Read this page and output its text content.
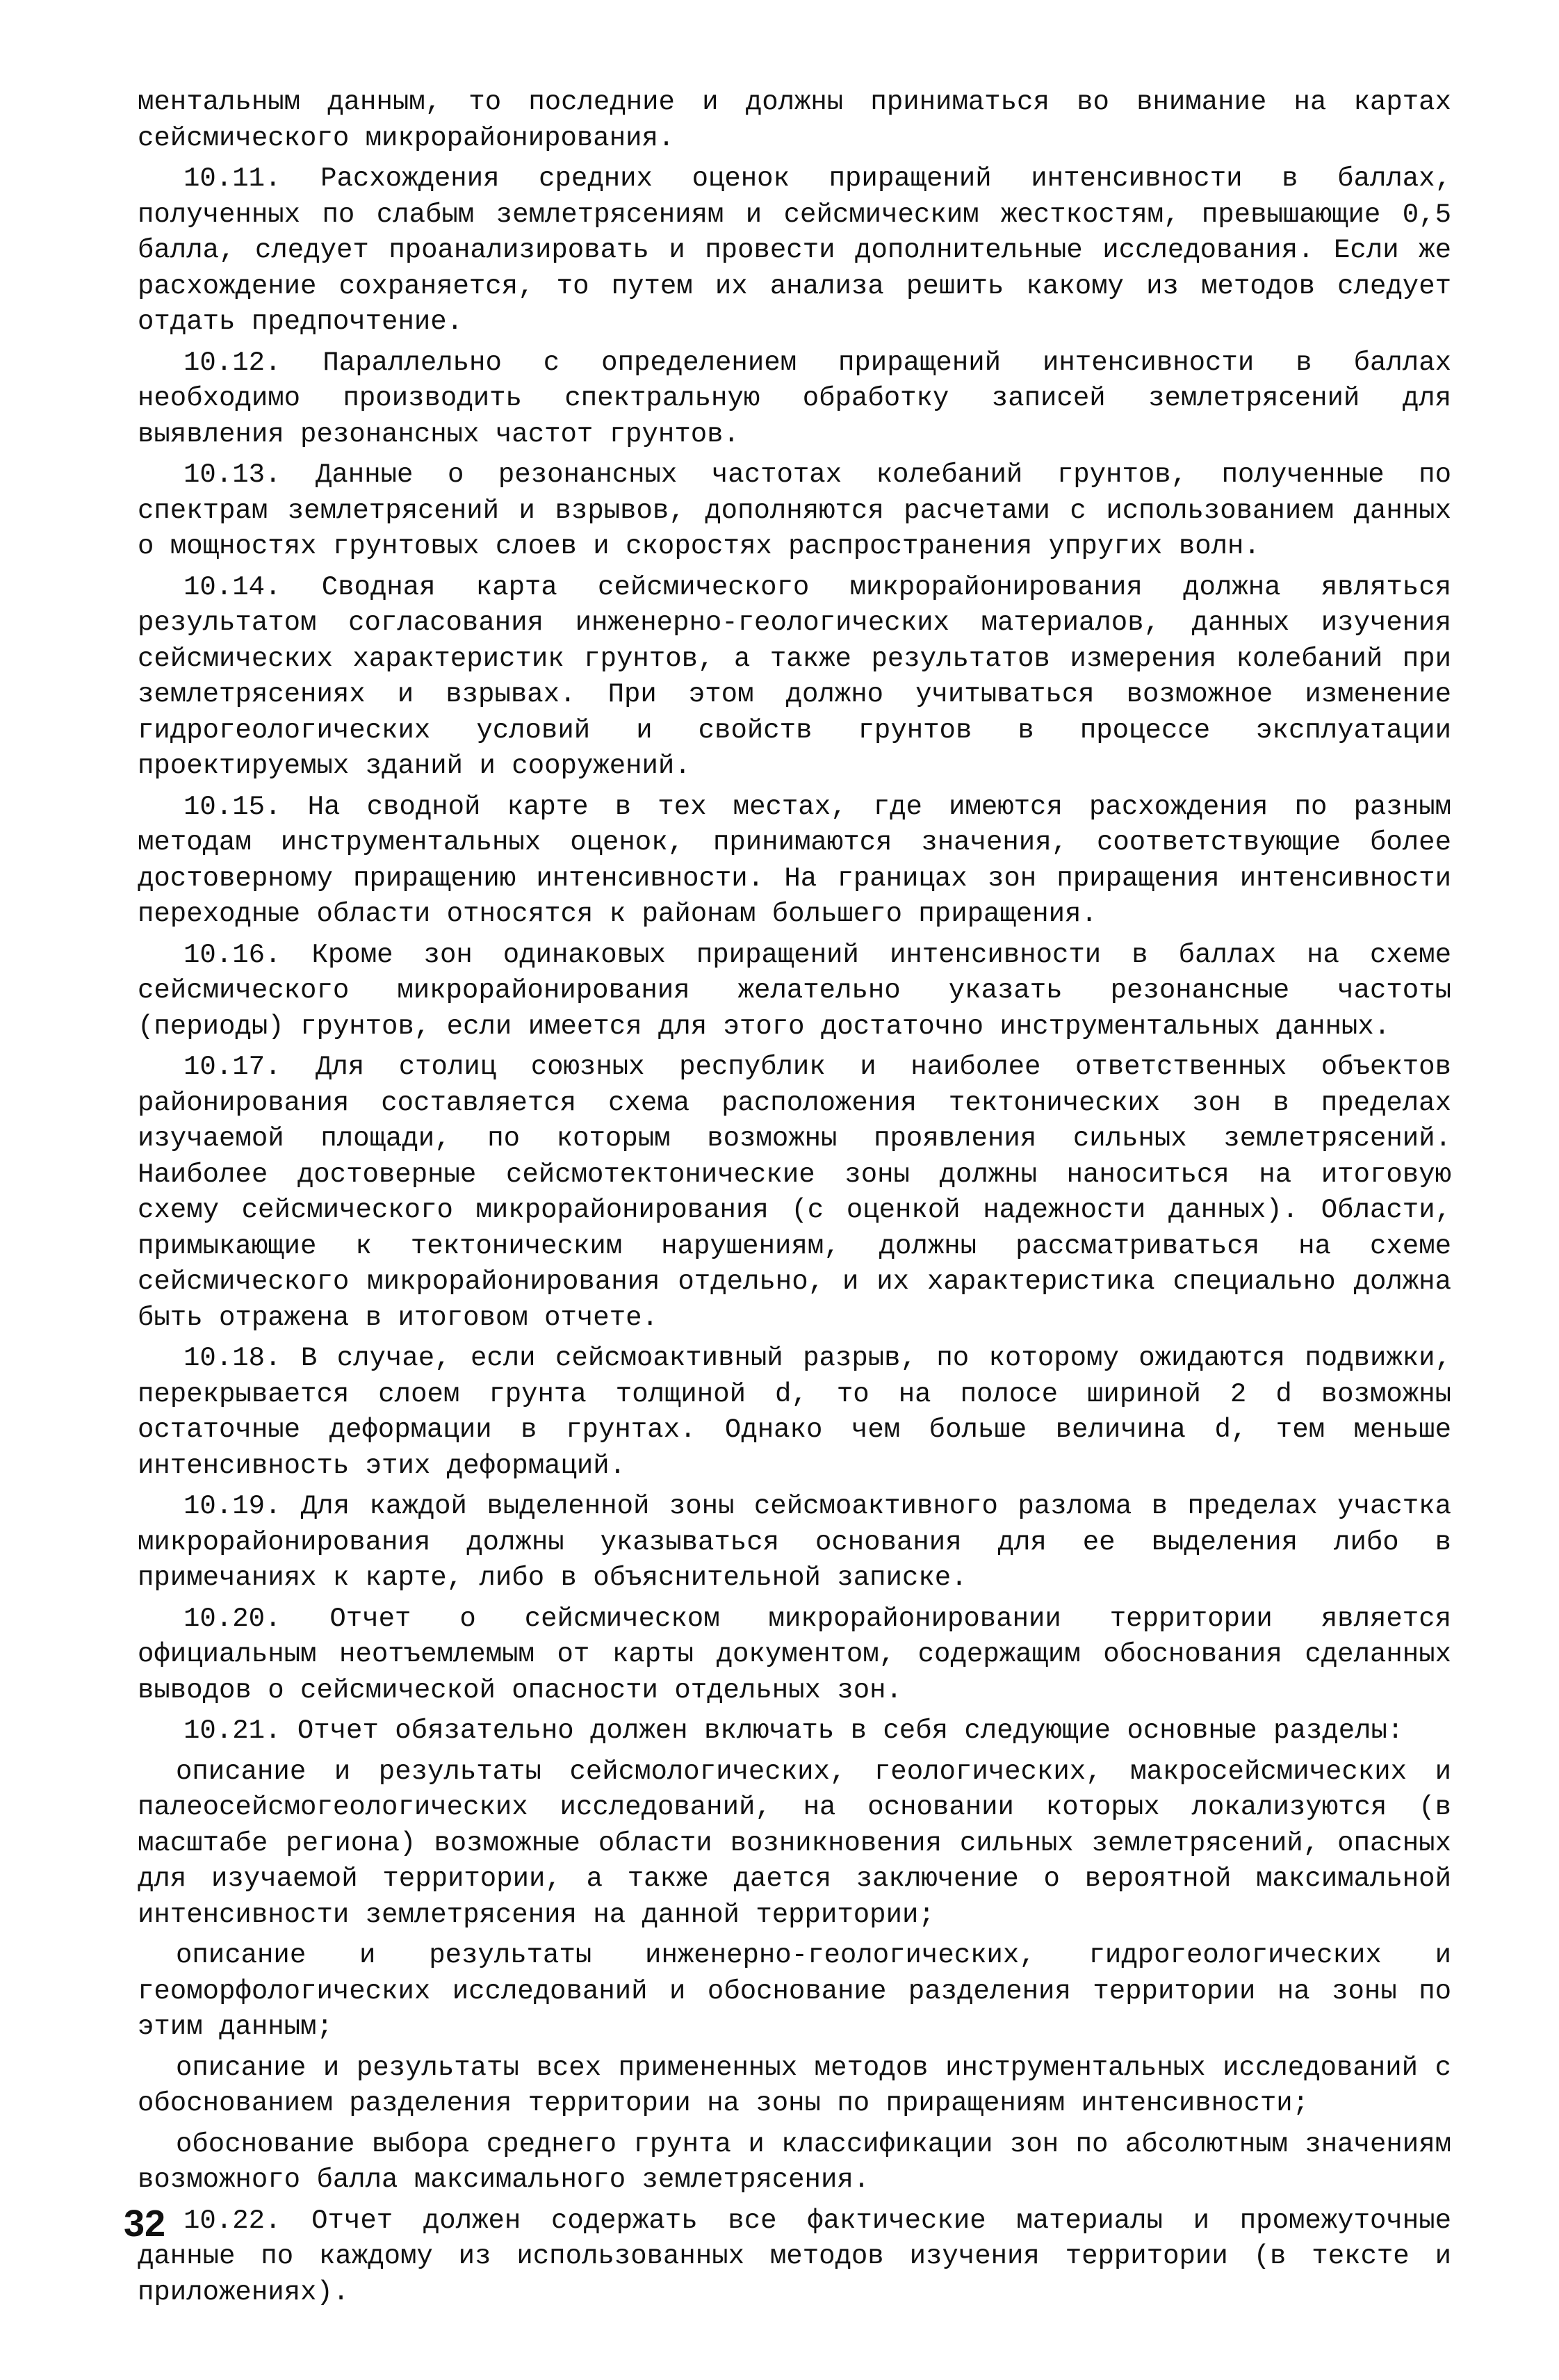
ментальным данным, то последние и должны приниматься во внимание на картах сейсмического микрорайонирования.

10.11. Расхождения средних оценок приращений интенсивности в баллах, полученных по слабым землетрясениям и сейсмическим жесткостям, превышающие 0,5 балла, следует проанализировать и провести дополнительные исследования. Если же расхождение сохраняется, то путем их анализа решить какому из методов следует отдать предпочтение.

10.12. Параллельно с определением приращений интенсивности в баллах необходимо производить спектральную обработку записей землетрясений для выявления резонансных частот грунтов.

10.13. Данные о резонансных частотах колебаний грунтов, полученные по спектрам землетрясений и взрывов, дополняются расчетами с использованием данных о мощностях грунтовых слоев и скоростях распространения упругих волн.

10.14. Сводная карта сейсмического микрорайонирования должна являться результатом согласования инженерно-геологических материалов, данных изучения сейсмических характеристик грунтов, а также результатов измерения колебаний при землетрясениях и взрывах. При этом должно учитываться возможное изменение гидрогеологических условий и свойств грунтов в процессе эксплуатации проектируемых зданий и сооружений.

10.15. На сводной карте в тех местах, где имеются расхождения по разным методам инструментальных оценок, принимаются значения, соответствующие более достоверному приращению интенсивности. На границах зон приращения интенсивности переходные области относятся к районам большего приращения.

10.16. Кроме зон одинаковых приращений интенсивности в баллах на схеме сейсмического микрорайонирования желательно указать резонансные частоты (периоды) грунтов, если имеется для этого достаточно инструментальных данных.

10.17. Для столиц союзных республик и наиболее ответственных объектов районирования составляется схема расположения тектонических зон в пределах изучаемой площади, по которым возможны проявления сильных землетрясений. Наиболее достоверные сейсмотектонические зоны должны наноситься на итоговую схему сейсмического микрорайонирования (с оценкой надежности данных). Области, примыкающие к тектоническим нарушениям, должны рассматриваться на схеме сейсмического микрорайонирования отдельно, и их характеристика специально должна быть отражена в итоговом отчете.

10.18. В случае, если сейсмоактивный разрыв, по которому ожидаются подвижки, перекрывается слоем грунта толщиной d, то на полосе шириной 2 d возможны остаточные деформации в грунтах. Однако чем больше величина d, тем меньше интенсивность этих деформаций.

10.19. Для каждой выделенной зоны сейсмоактивного разлома в пределах участка микрорайонирования должны указываться основания для ее выделения либо в примечаниях к карте, либо в объяснительной записке.

10.20. Отчет о сейсмическом микрорайонировании территории является официальным неотъемлемым от карты документом, содержащим обоснования сделанных выводов о сейсмической опасности отдельных зон.

10.21. Отчет обязательно должен включать в себя следующие основные разделы:

описание и результаты сейсмологических, геологических, макросейсмических и палеосейсмогеологических исследований, на основании которых локализуются (в масштабе региона) возможные области возникновения сильных землетрясений, опасных для изучаемой территории, а также дается заключение о вероятной максимальной интенсивности землетрясения на данной территории;

описание и результаты инженерно-геологических, гидрогеологических и геоморфологических исследований и обоснование разделения территории на зоны по этим данным;

описание и результаты всех примененных методов инструментальных исследований с обоснованием разделения территории на зоны по приращениям интенсивности;

обоснование выбора среднего грунта и классификации зон по абсолютным значениям возможного балла максимального землетрясения.

10.22. Отчет должен содержать все фактические материалы и промежуточные данные по каждому из использованных методов изучения территории (в тексте и приложениях).

32
